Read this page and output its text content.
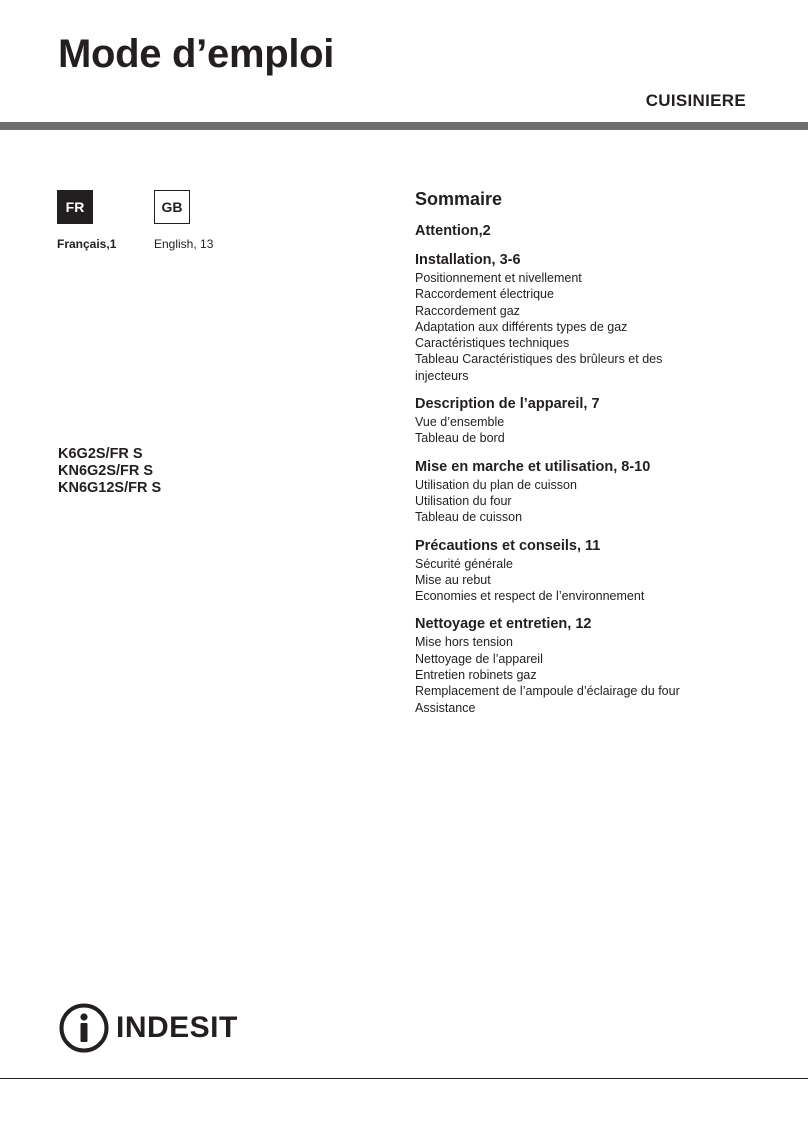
Mode d’emploi
CUISINIERE
FR	GB
Français,1	English, 13
K6G2S/FR S
KN6G2S/FR S
KN6G12S/FR S
Sommaire
Attention,2
Installation, 3-6
Positionnement et nivellement
Raccordement électrique
Raccordement gaz
Adaptation aux différents types de gaz
Caractéristiques techniques
Tableau Caractéristiques des brûleurs et des
injecteurs
Description de l’appareil, 7
Vue d’ensemble
Tableau de bord
Mise en marche et utilisation, 8-10
Utilisation du plan de cuisson
Utilisation du four
Tableau de cuisson
Précautions et conseils, 11
Sécurité générale
Mise au rebut
Economies et respect de l’environnement
Nettoyage et entretien, 12
Mise hors tension
Nettoyage de l’appareil
Entretien robinets gaz
Remplacement de l’ampoule d’éclairage du four
Assistance
INDESIT
